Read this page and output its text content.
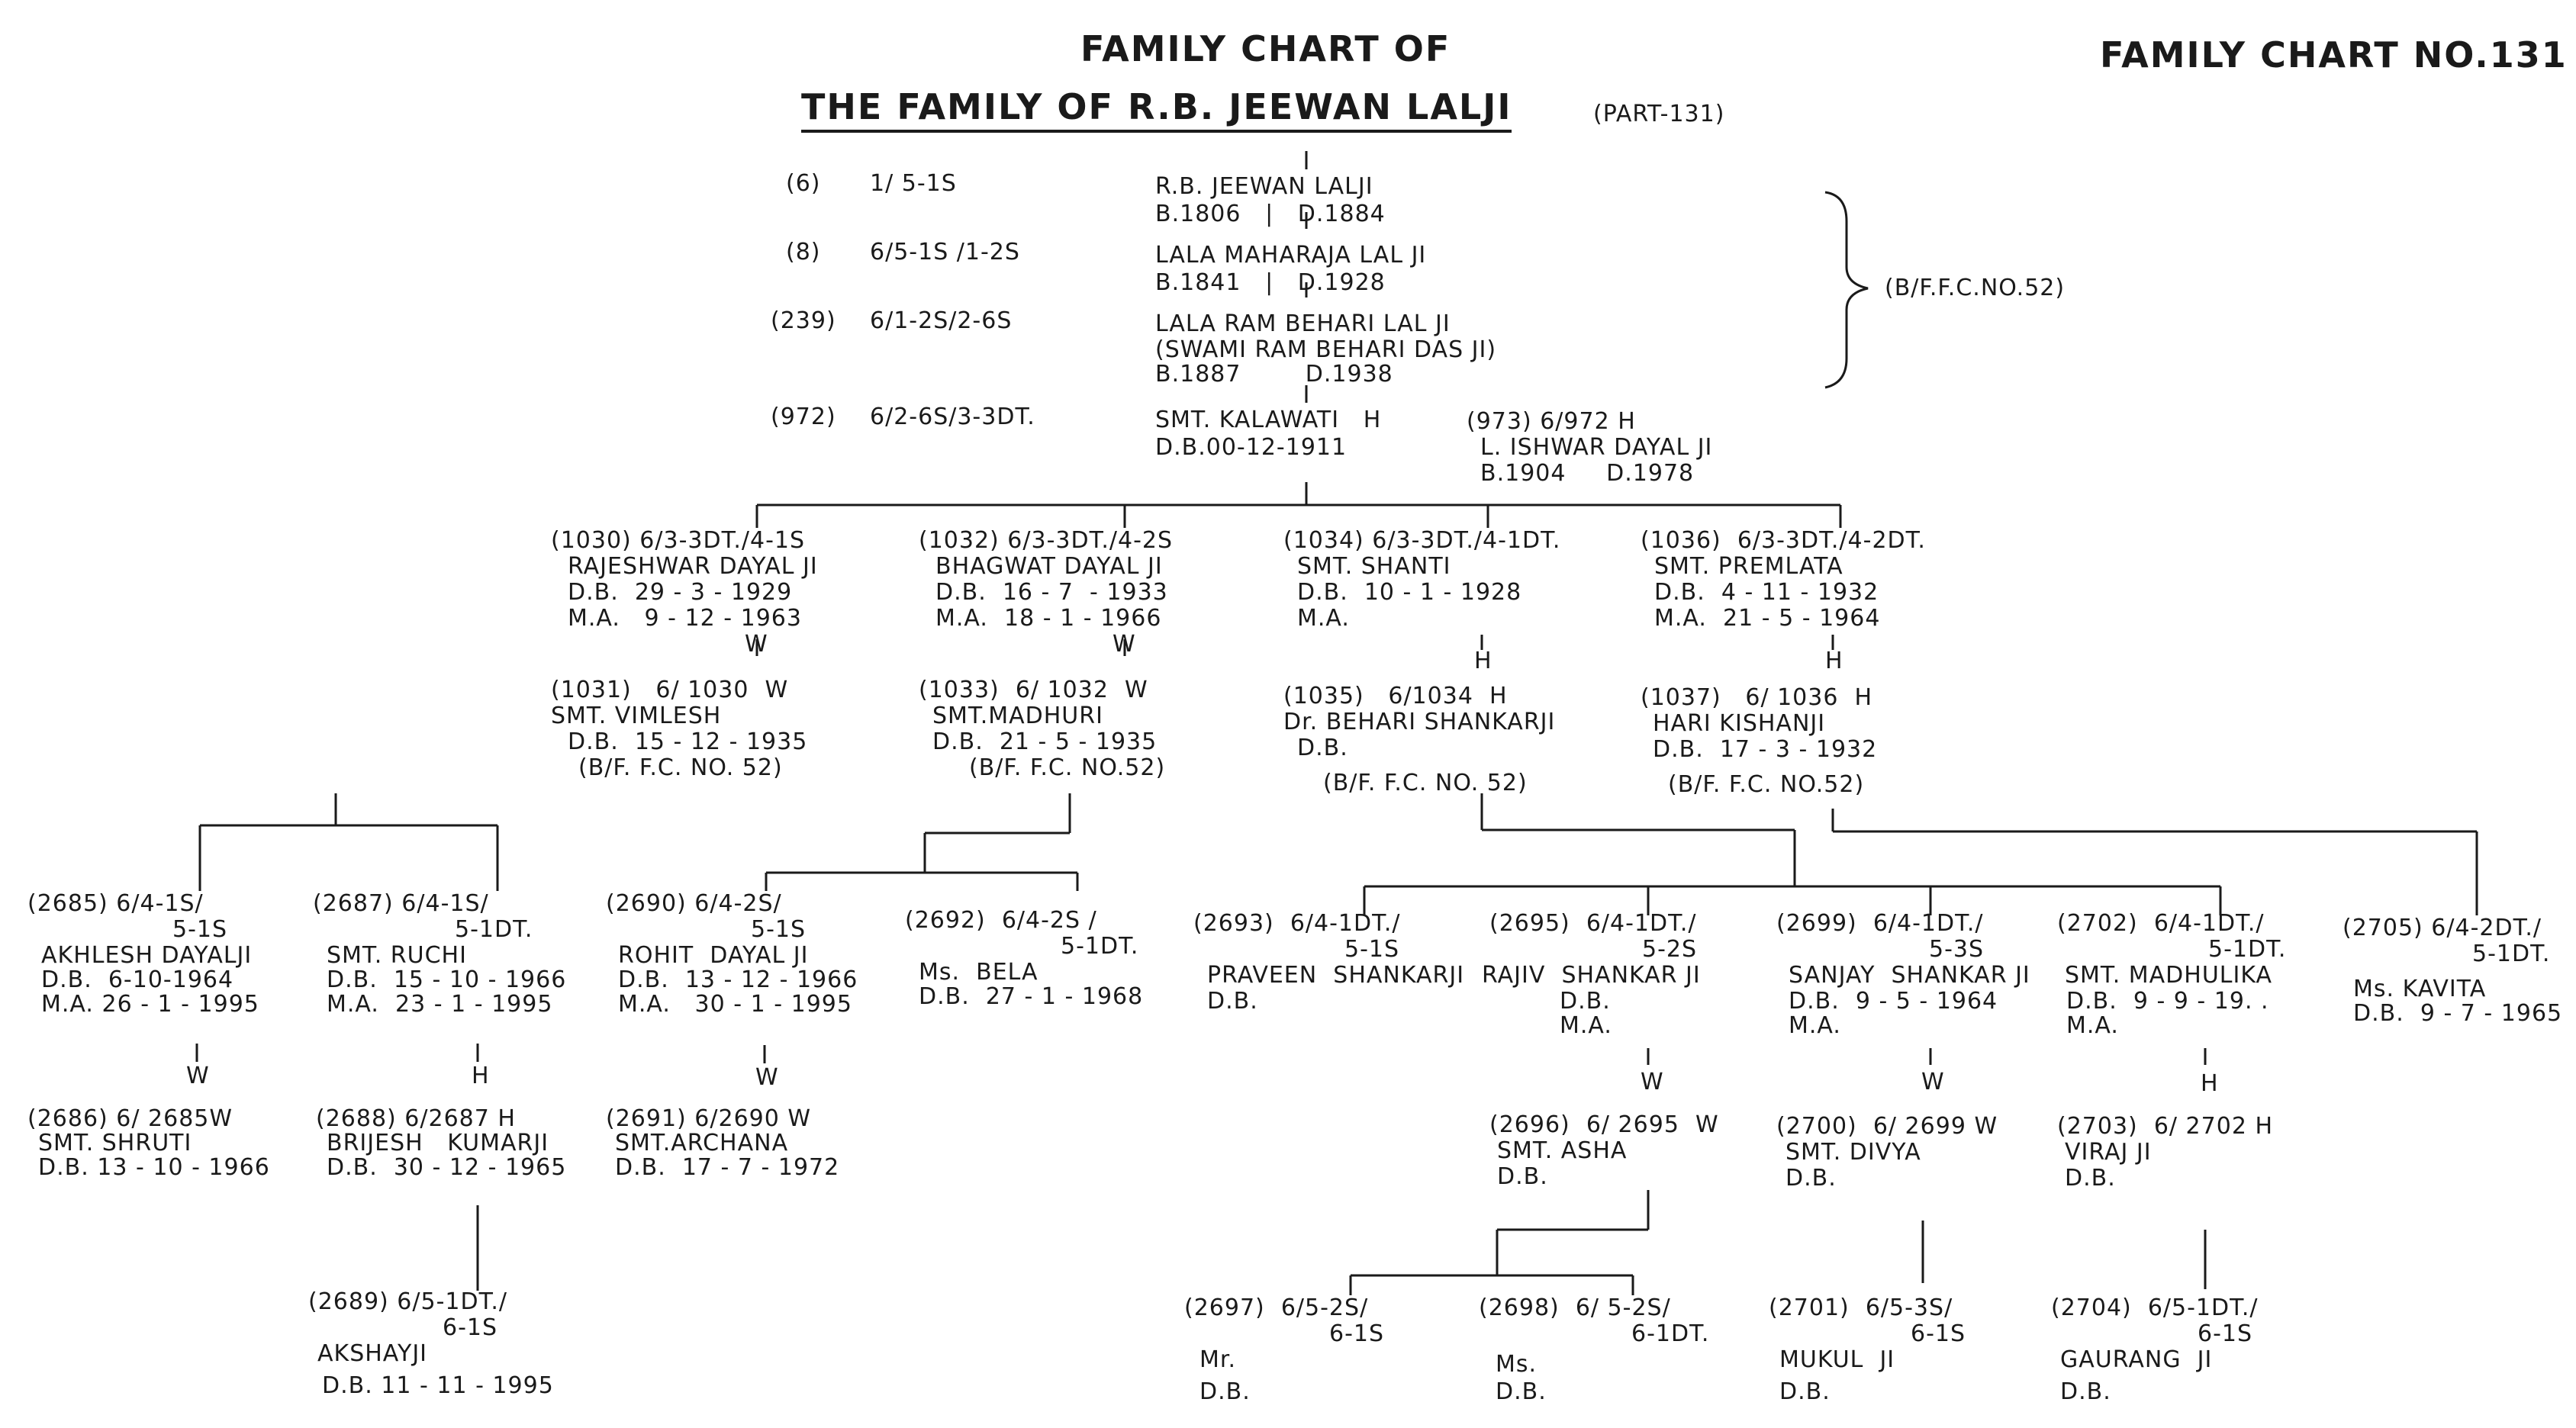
FAMILY CHART OF
THE FAMILY OF R.B. JEEWAN LALJI	(PART-131)
FAMILY CHART NO.131
(6) 1/ 5-1S	R.B. JEEWAN LALJI
B.1806   |   D.1884
(8) 6/5-1S /1-2S	LALA MAHARAJA LAL JI
B.1841   |   D.1928
(239) 6/1-2S/2-6S	LALA RAM BEHARI LAL JI
(SWAMI RAM BEHARI DAS JI)
B.1887        D.1938
(972) 6/2-6S/3-3DT.	SMT. KALAWATI   H
D.B.00-12-1911
(973) 6/972 H
L. ISHWAR DAYAL JI
B.1904     D.1978
(B/F.F.C.NO.52)
(1030) 6/3-3DT./4-1S
RAJESHWAR DAYAL JI
D.B.  29 - 3 - 1929
M.A.   9 - 12 - 1963
W
(1031)   6/ 1030  W
SMT. VIMLESH
D.B.  15 - 12 - 1935
(B/F. F.C. NO. 52)
(1032) 6/3-3DT./4-2S
BHAGWAT DAYAL JI
D.B.  16 - 7  - 1933
M.A.  18 - 1 - 1966
W
(1033)  6/ 1032  W
SMT.MADHURI
D.B.  21 - 5 - 1935
(B/F. F.C. NO.52)
(1034) 6/3-3DT./4-1DT.
SMT. SHANTI
D.B.  10 - 1 - 1928
M.A.
H
(1035)   6/1034  H
Dr. BEHARI SHANKARJI
D.B.
(B/F. F.C. NO. 52)
(1036)  6/3-3DT./4-2DT.
SMT. PREMLATA
D.B.  4 - 11 - 1932
M.A.  21 - 5 - 1964
H
(1037)   6/ 1036  H
HARI KISHANJI
D.B.  17 - 3 - 1932
(B/F. F.C. NO.52)
(2685) 6/4-1S/
5-1S
AKHLESH DAYALJI
D.B.  6-10-1964
M.A. 26 - 1 - 1995
W
(2686) 6/ 2685W
SMT. SHRUTI
D.B. 13 - 10 - 1966
(2687) 6/4-1S/
5-1DT.
SMT. RUCHI
D.B.  15 - 10 - 1966
M.A.  23 - 1 - 1995
H
(2688) 6/2687 H
BRIJESH   KUMARJI
D.B.  30 - 12 - 1965
(2690) 6/4-2S/
5-1S
ROHIT  DAYAL JI
D.B.  13 - 12 - 1966
M.A.   30 - 1 - 1995
W
(2691) 6/2690 W
SMT.ARCHANA
D.B.  17 - 7 - 1972
(2692)  6/4-2S /
5-1DT.
Ms.  BELA
D.B.  27 - 1 - 1968
(2693)  6/4-1DT./
5-1S
PRAVEEN  SHANKARJI
D.B.
(2695)  6/4-1DT./
5-2S
RAJIV  SHANKAR JI
D.B.
M.A.
W
(2696)  6/ 2695  W
SMT. ASHA
D.B.
(2699)  6/4-1DT./
5-3S
SANJAY  SHANKAR JI
D.B.  9 - 5 - 1964
M.A.
W
(2700)  6/ 2699 W
SMT. DIVYA
D.B.
(2702)  6/4-1DT./
5-1DT.
SMT. MADHULIKA
D.B.  9 - 9 - 19. .
M.A.
H
(2703)  6/ 2702 H
VIRAJ JI
D.B.
(2705) 6/4-2DT./
5-1DT.
Ms. KAVITA
D.B.  9 - 7 - 1965
(2689) 6/5-1DT./
6-1S
AKSHAYJI
D.B. 11 - 11 - 1995
(2697)  6/5-2S/
6-1S
Mr.
D.B.
(2698)  6/ 5-2S/
6-1DT.
Ms.
D.B.
(2701)  6/5-3S/
6-1S
MUKUL  JI
D.B.
(2704)  6/5-1DT./
6-1S
GAURANG  JI
D.B.
